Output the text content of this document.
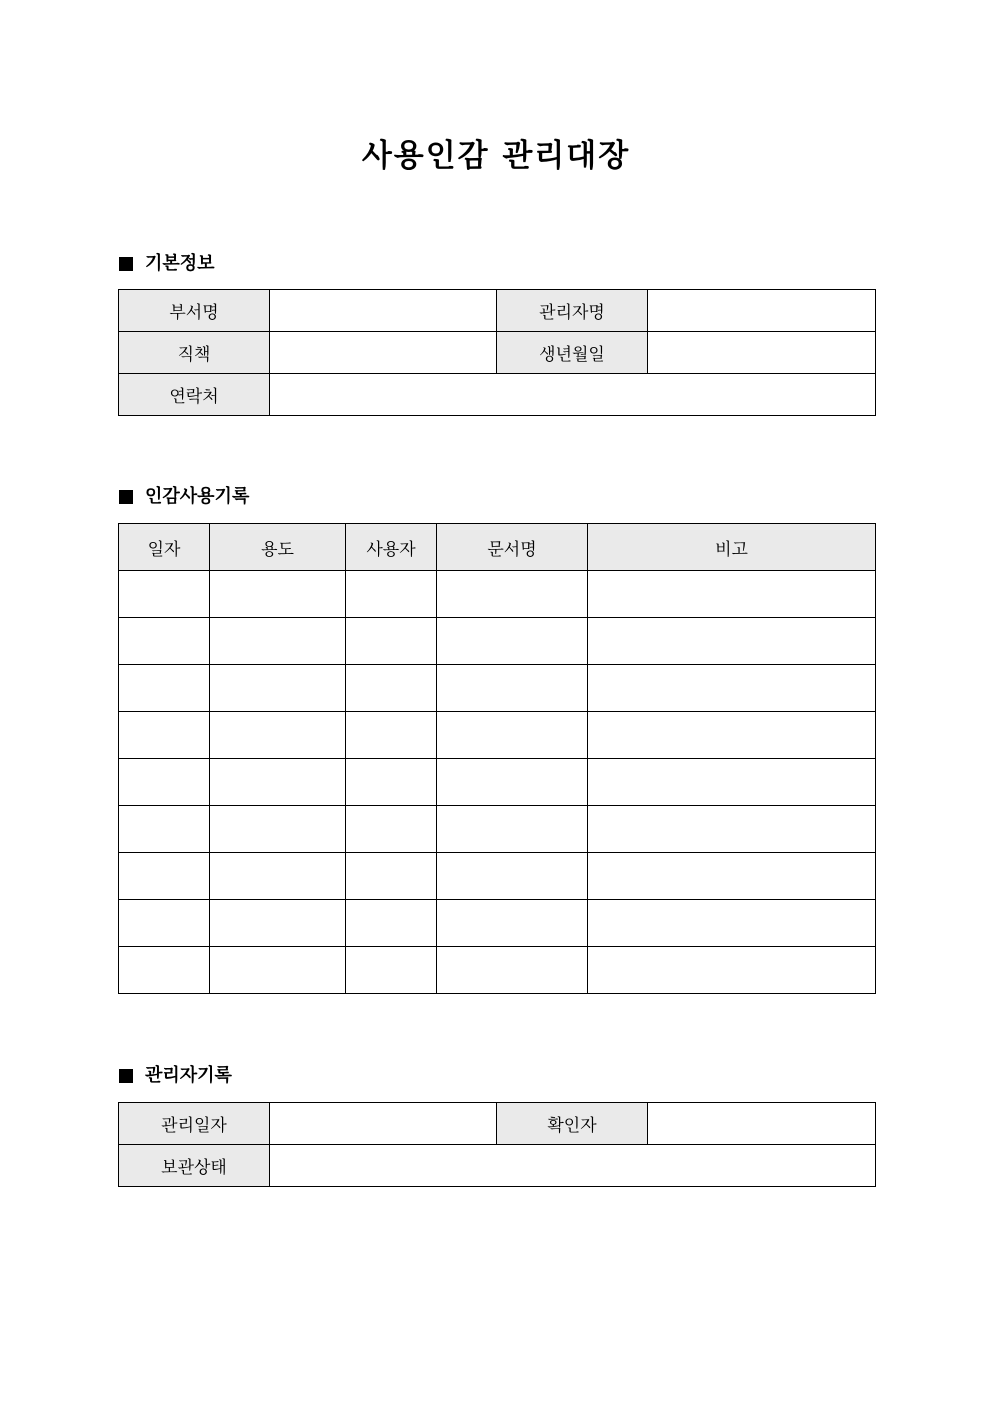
사용인감 관리대장
기본정보
부서명		관리자명	
직책		생년월일	
연락처			
인감사용기록
일자	용도	사용자	문서명	비고

관리자기록
관리일자		확인자	
보관상태			
